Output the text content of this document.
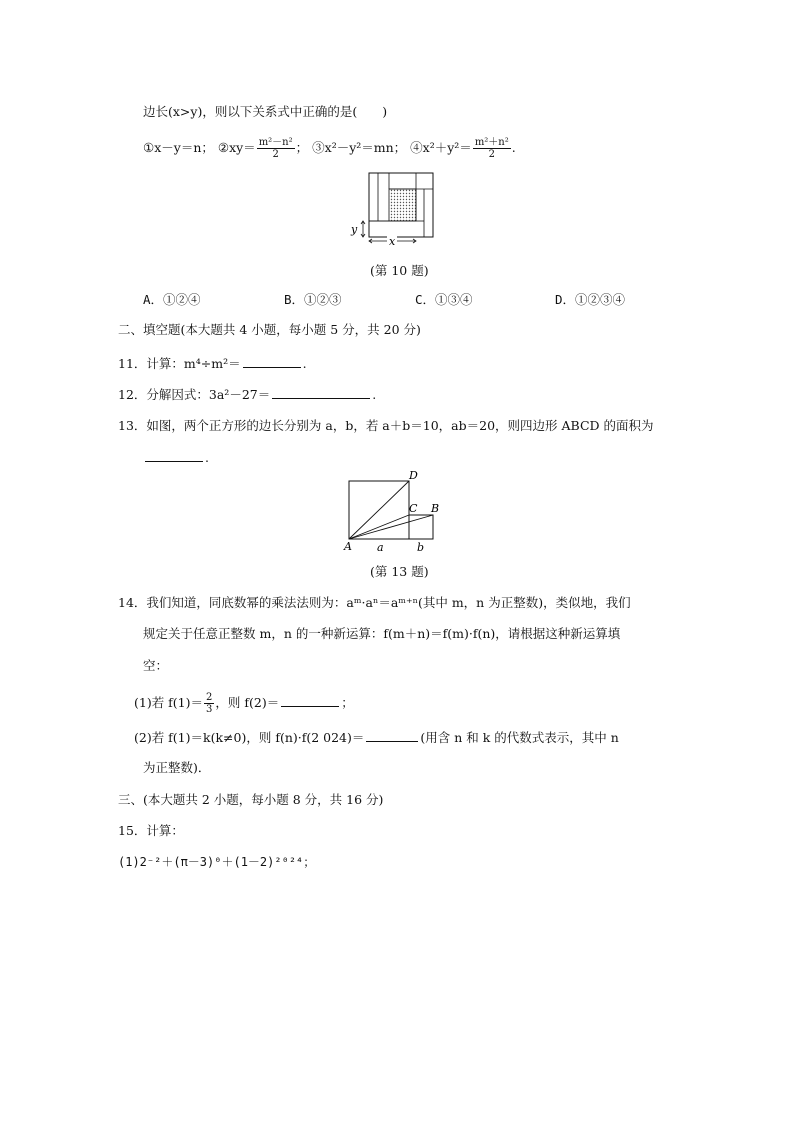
边长(x>y)，则以下关系式中正确的是(　　)
①x－y＝n； ②xy＝ $\frac{\text{m²－n²}}{2}$ ； ③x²－y²＝mn； ④x²＋y²＝ $\frac{\text{m²＋n²}}{2}$ .
y
x
(第 10 题)
A．①②④	B．①②③	C．①③④	D．①②③④
二、填空题(本大题共 4 小题，每小题 5 分，共 20 分)
11．计算：m⁴÷m²＝	.
12．分解因式：3a²－27＝	.
13．如图，两个正方形的边长分别为 a，b，若 a＋b＝10，ab＝20，则四边形 ABCD 的面积为
.
D
C B
A a	b
(第 13 题)
14．我们知道，同底数幂的乘法法则为：aᵐ·aⁿ＝aᵐ⁺ⁿ(其中 m，n 为正整数)，类似地，我们
规定关于任意正整数 m，n 的一种新运算：f(m＋n)＝f(m)·f(n)，请根据这种新运算填
空：
(1)若 $f(1)= \frac{2}{3}$ ，则 f(2)＝	；
(2)若 f(1)＝k(k≠0)，则 f(n)·f(2 024)＝	(用含 n 和 k 的代数式表示，其中 n
为正整数)．
三、(本大题共 2 小题，每小题 8 分，共 16 分)
15．计算：
(1)2⁻²＋(π－3)⁰＋(1－2)²⁰²⁴；
